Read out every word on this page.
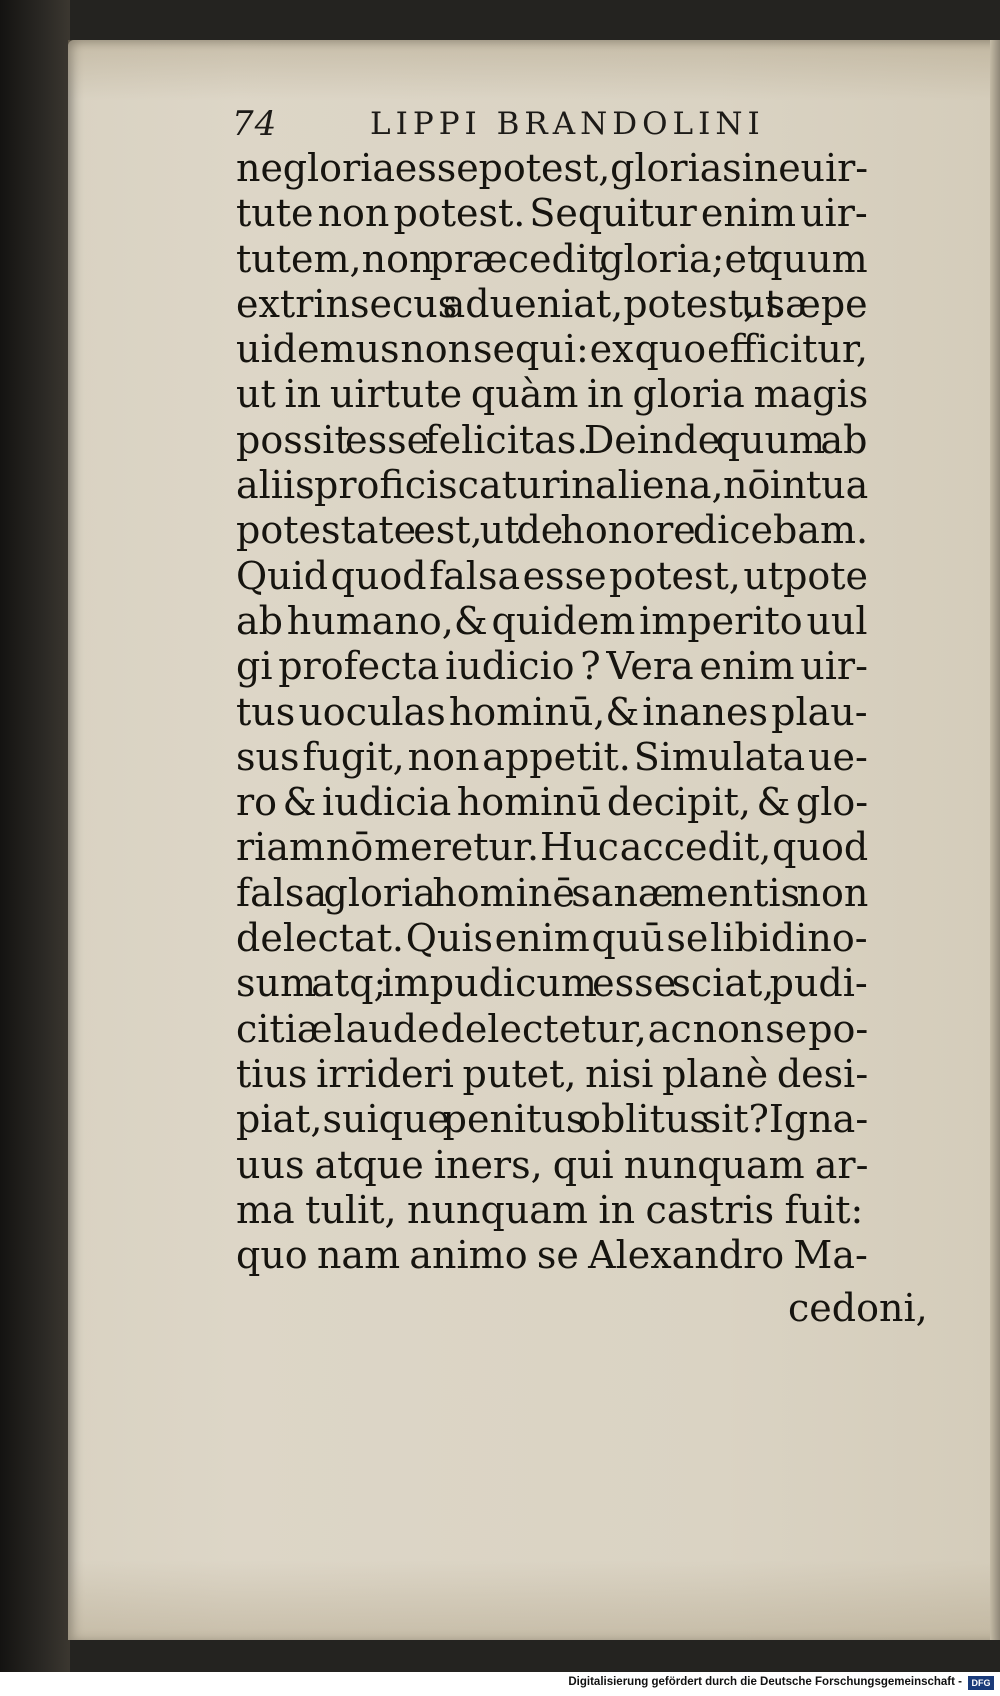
74	LIPPI BRANDOLINI
ne gloria esse potest, gloria sine uir-
tute non potest. Sequitur enim uir-
tutem,non præcedit gloria;et quum
extrinsecus adueniat,potest, ut sæpe
uidemus non sequi: ex quo efficitur,
ut in uirtute quàm in gloria magis
possit esse felicitas. Deinde quum ab
aliis proficiscatur in aliena, nō in tua
potestate est, ut de honore dicebam.
Quid quod falsa esse potest, utpote
ab humano,& quidem imperito uul
gi profecta iudicio ? Vera enim uir-
tus uoculas hominū,& inanes plau-
sus fugit, non appetit. Simulata ue-
ro & iudicia hominū decipit, & glo-
riam nō meretur. Huc accedit, quod
falsa gloria hominē sanæ mentis non
delectat. Quis enim quū se libidino-
sum atq; impudicum esse sciat, pudi-
citiæ laude delectetur, ac non se po-
tius irrideri putet, nisi planè desi-
piat,suique penitus oblitus sit?Igna-
uus atque iners, qui nunquam ar-
ma tulit, nunquam in castris fuit:
quo nam animo se Alexandro Ma-
cedoni,
Digitalisierung gefördert durch die Deutsche Forschungsgemeinschaft -	DFG
